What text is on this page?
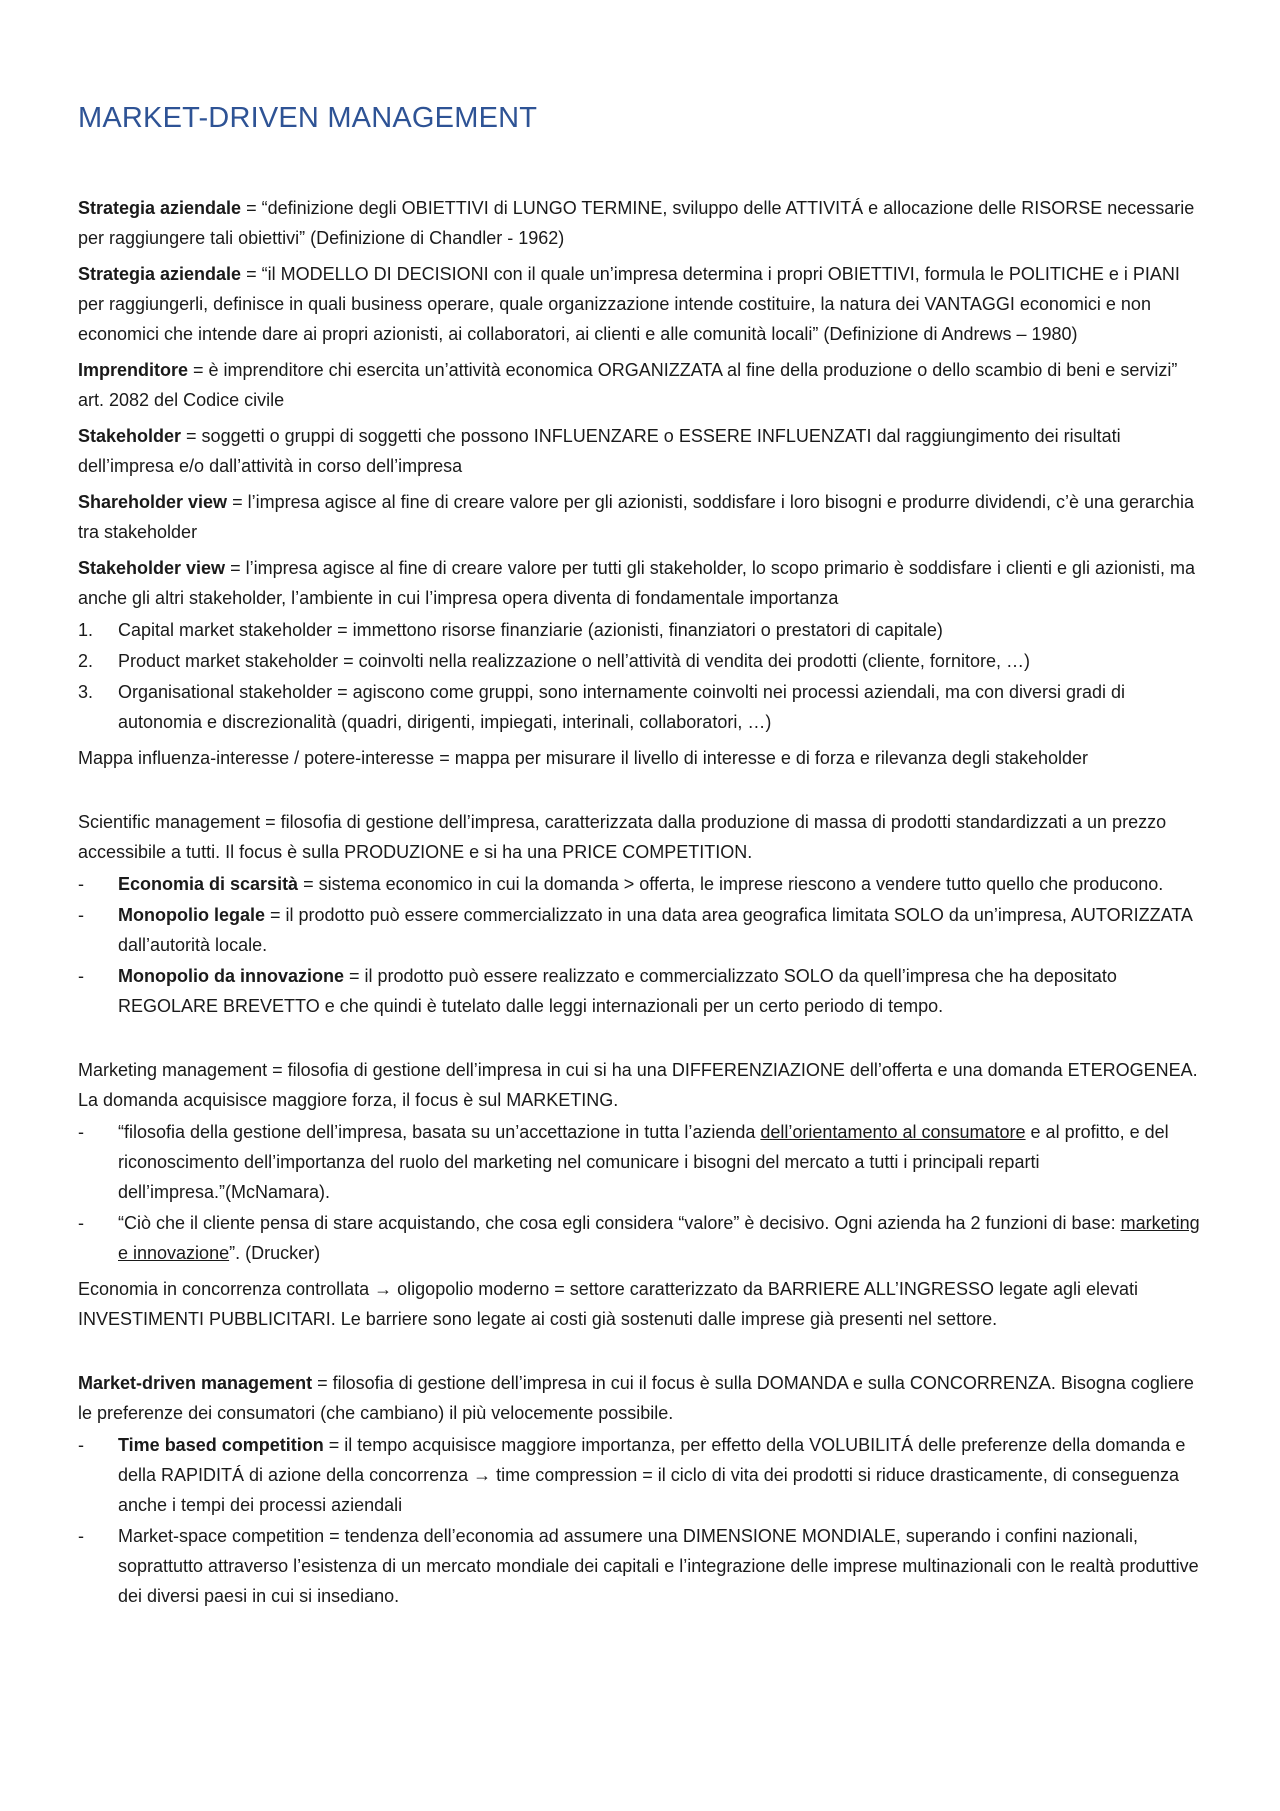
MARKET-DRIVEN MANAGEMENT

Strategia aziendale = “definizione degli OBIETTIVI di LUNGO TERMINE, sviluppo delle ATTIVITÁ e allocazione delle RISORSE necessarie per raggiungere tali obiettivi” (Definizione di Chandler - 1962)

Strategia aziendale = “il MODELLO DI DECISIONI con il quale un’impresa determina i propri OBIETTIVI, formula le POLITICHE e i PIANI per raggiungerli, definisce in quali business operare, quale organizzazione intende costituire, la natura dei VANTAGGI economici e non economici che intende dare ai propri azionisti, ai collaboratori, ai clienti e alle comunità locali” (Definizione di Andrews – 1980)

Imprenditore = è imprenditore chi esercita un’attività economica ORGANIZZATA al fine della produzione o dello scambio di beni e servizi” art. 2082 del Codice civile

Stakeholder = soggetti o gruppi di soggetti che possono INFLUENZARE o ESSERE INFLUENZATI dal raggiungimento dei risultati dell’impresa e/o dall’attività in corso dell’impresa

Shareholder view = l’impresa agisce al fine di creare valore per gli azionisti, soddisfare i loro bisogni e produrre dividendi, c’è una gerarchia tra stakeholder

Stakeholder view = l’impresa agisce al fine di creare valore per tutti gli stakeholder, lo scopo primario è soddisfare i clienti e gli azionisti, ma anche gli altri stakeholder, l’ambiente in cui l’impresa opera diventa di fondamentale importanza

1.	Capital market stakeholder = immettono risorse finanziarie (azionisti, finanziatori o prestatori di capitale)
2.	Product market stakeholder = coinvolti nella realizzazione o nell’attività di vendita dei prodotti (cliente, fornitore, …)
3.	Organisational stakeholder = agiscono come gruppi, sono internamente coinvolti nei processi aziendali, ma con diversi gradi di autonomia e discrezionalità (quadri, dirigenti, impiegati, interinali, collaboratori, …)

Mappa influenza-interesse / potere-interesse = mappa per misurare il livello di interesse e di forza e rilevanza degli stakeholder

Scientific management = filosofia di gestione dell’impresa, caratterizzata dalla produzione di massa di prodotti standardizzati a un prezzo accessibile a tutti. Il focus è sulla PRODUZIONE e si ha una PRICE COMPETITION.

-	Economia di scarsità = sistema economico in cui la domanda > offerta, le imprese riescono a vendere tutto quello che producono.
-	Monopolio legale = il prodotto può essere commercializzato in una data area geografica limitata SOLO da un’impresa, AUTORIZZATA dall’autorità locale.
-	Monopolio da innovazione = il prodotto può essere realizzato e commercializzato SOLO da quell’impresa che ha depositato REGOLARE BREVETTO e che quindi è tutelato dalle leggi internazionali per un certo periodo di tempo.

Marketing management = filosofia di gestione dell’impresa in cui si ha una DIFFERENZIAZIONE dell’offerta e una domanda ETEROGENEA. La domanda acquisisce maggiore forza, il focus è sul MARKETING.

-	“filosofia della gestione dell’impresa, basata su un’accettazione in tutta l’azienda dell’orientamento al consumatore e al profitto, e del riconoscimento dell’importanza del ruolo del marketing nel comunicare i bisogni del mercato a tutti i principali reparti dell’impresa.”(McNamara).
-	“Ciò che il cliente pensa di stare acquistando, che cosa egli considera “valore” è decisivo. Ogni azienda ha 2 funzioni di base: marketing e innovazione”. (Drucker)

Economia in concorrenza controllata → oligopolio moderno = settore caratterizzato da BARRIERE ALL’INGRESSO legate agli elevati INVESTIMENTI PUBBLICITARI. Le barriere sono legate ai costi già sostenuti dalle imprese già presenti nel settore.

Market-driven management = filosofia di gestione dell’impresa in cui il focus è sulla DOMANDA e sulla CONCORRENZA. Bisogna cogliere le preferenze dei consumatori (che cambiano) il più velocemente possibile.

-	Time based competition = il tempo acquisisce maggiore importanza, per effetto della VOLUBILITÁ delle preferenze della domanda e della RAPIDITÁ di azione della concorrenza → time compression = il ciclo di vita dei prodotti si riduce drasticamente, di conseguenza anche i tempi dei processi aziendali
-	Market-space competition = tendenza dell’economia ad assumere una DIMENSIONE MONDIALE, superando i confini nazionali, soprattutto attraverso l’esistenza di un mercato mondiale dei capitali e l’integrazione delle imprese multinazionali con le realtà produttive dei diversi paesi in cui si insediano.
